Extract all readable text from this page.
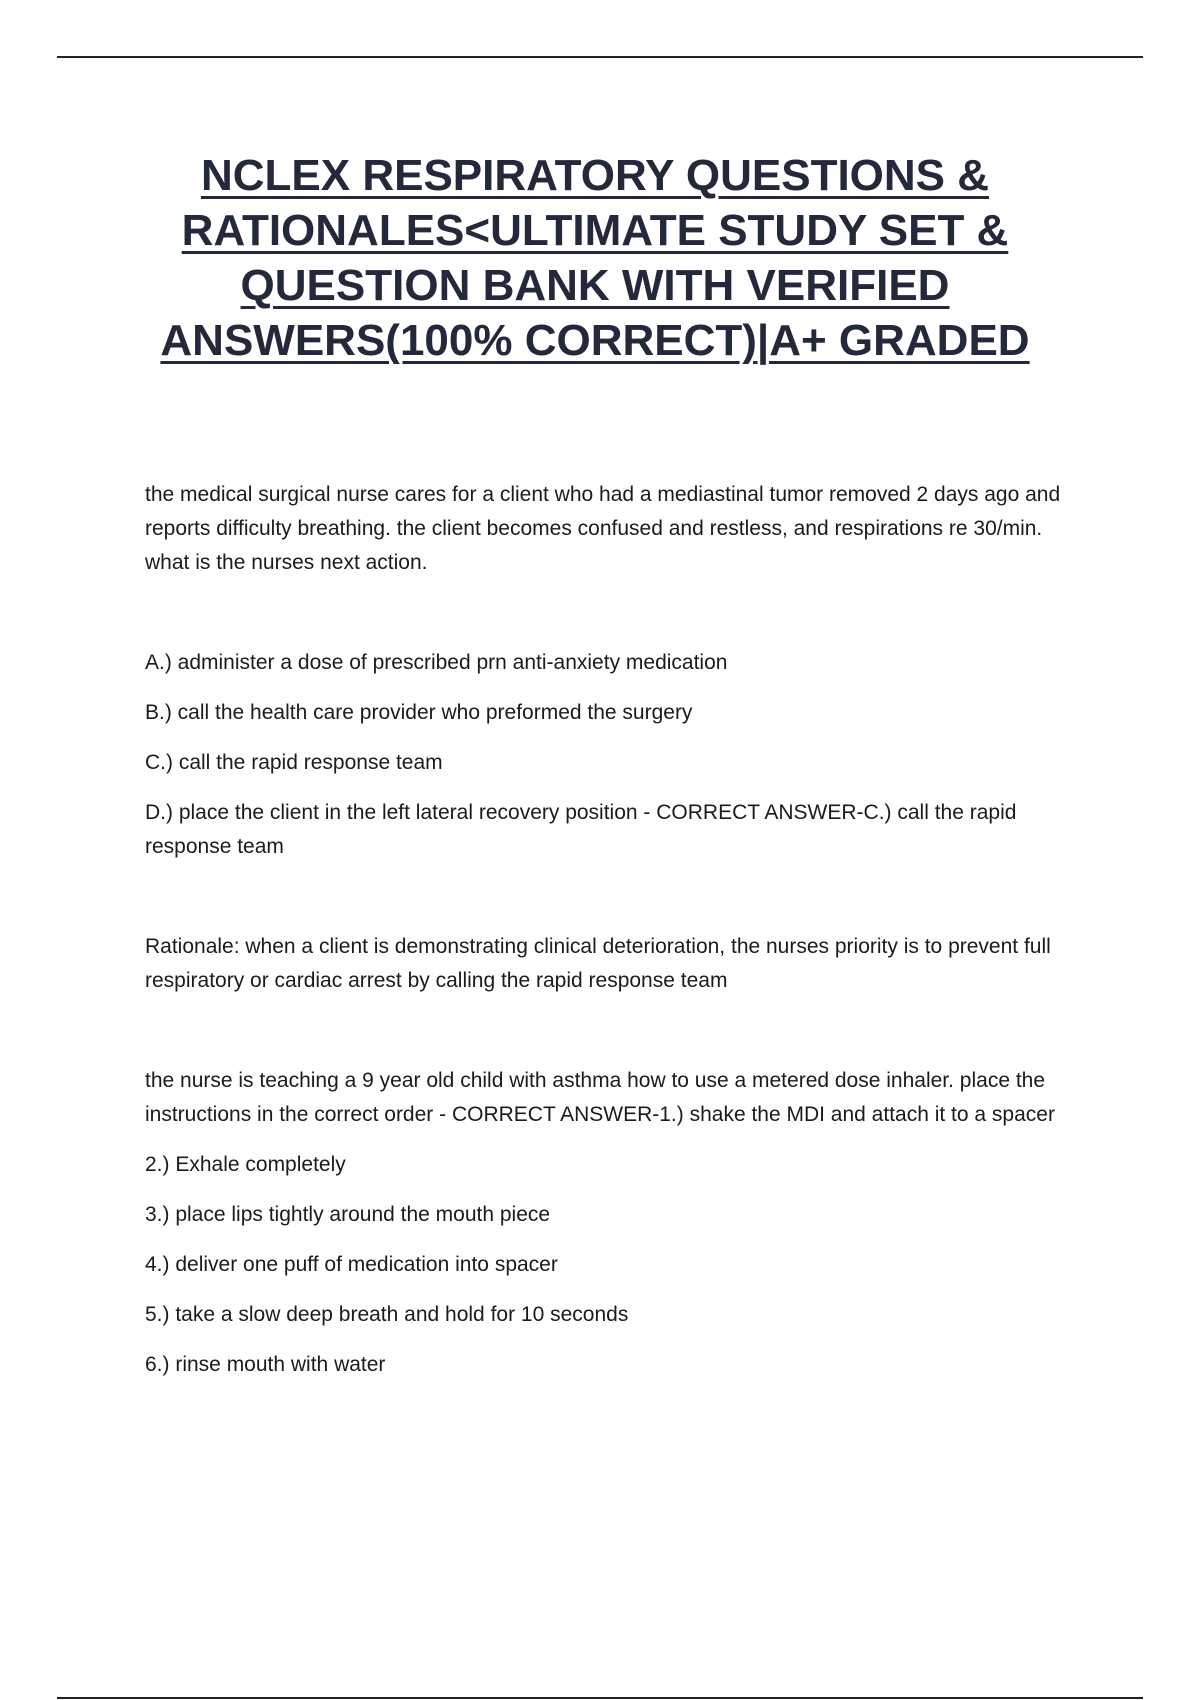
NCLEX RESPIRATORY QUESTIONS & RATIONALES<ULTIMATE STUDY SET & QUESTION BANK WITH VERIFIED ANSWERS(100% CORRECT)|A+ GRADED

the medical surgical nurse cares for a client who had a mediastinal tumor removed 2 days ago and reports difficulty breathing. the client becomes confused and restless, and respirations re 30/min. what is the nurses next action.

A.) administer a dose of prescribed prn anti-anxiety medication

B.) call the health care provider who preformed the surgery

C.) call the rapid response team

D.) place the client in the left lateral recovery position - CORRECT ANSWER-C.) call the rapid response team

Rationale: when a client is demonstrating clinical deterioration, the nurses priority is to prevent full respiratory or cardiac arrest by calling the rapid response team

the nurse is teaching a 9 year old child with asthma how to use a metered dose inhaler. place the instructions in the correct order - CORRECT ANSWER-1.) shake the MDI and attach it to a spacer

2.) Exhale completely

3.) place lips tightly around the mouth piece

4.) deliver one puff of medication into spacer

5.) take a slow deep breath and hold for 10 seconds

6.) rinse mouth with water
